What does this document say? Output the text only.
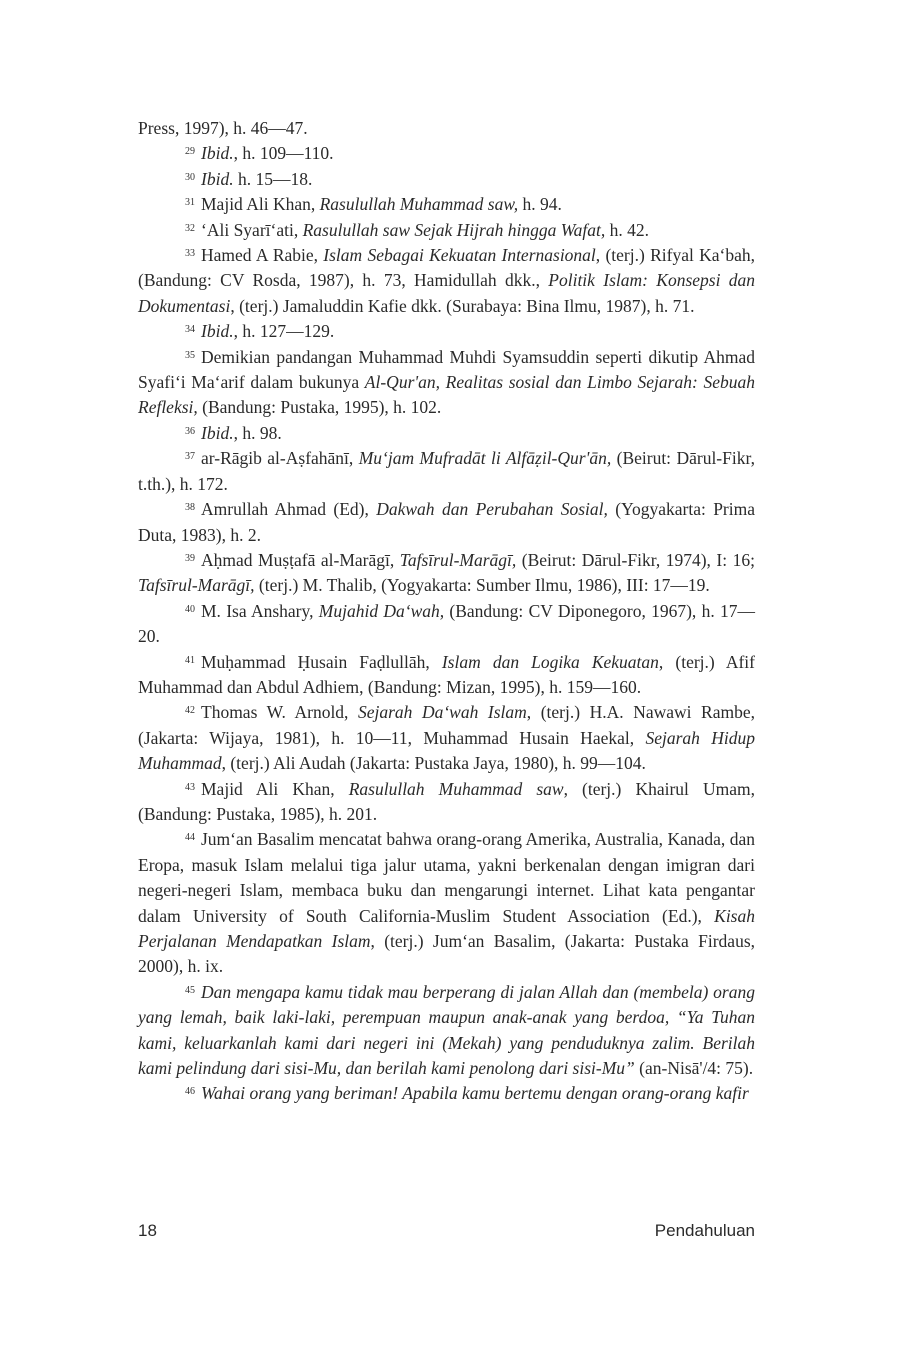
Press, 1997), h. 46—47.

$^{29}$ Ibid., h. 109—110.

$^{30}$ Ibid. h. 15—18.

$^{31}$ Majid Ali Khan, Rasulullah Muhammad saw, h. 94.

$^{32}$ ‘Ali Syarī‘ati, Rasulullah saw Sejak Hijrah hingga Wafat, h. 42.

$^{33}$ Hamed A Rabie, Islam Sebagai Kekuatan Internasional, (terj.) Rifyal Ka‘bah, (Bandung: CV Rosda, 1987), h. 73, Hamidullah dkk., Politik Islam: Konsepsi dan Dokumentasi, (terj.) Jamaluddin Kafie dkk. (Surabaya: Bina Ilmu, 1987), h. 71.

$^{34}$ Ibid., h. 127—129.

$^{35}$ Demikian pandangan Muhammad Muhdi Syamsuddin seperti dikutip Ahmad Syafi‘i Ma‘arif dalam bukunya Al-Qur'an, Realitas sosial dan Limbo Sejarah: Sebuah Refleksi, (Bandung: Pustaka, 1995), h. 102.

$^{36}$ Ibid., h. 98.

$^{37}$ ar-Rāgib al-Aṣfahānī, Mu‘jam Mufradāt li Alfāẓil-Qur'ān, (Beirut: Dārul-Fikr, t.th.), h. 172.

$^{38}$ Amrullah Ahmad (Ed), Dakwah dan Perubahan Sosial, (Yogyakarta: Prima Duta, 1983), h. 2.

$^{39}$ Aḥmad Muṣṭafā al-Marāgī, Tafsīrul-Marāgī, (Beirut: Dārul-Fikr, 1974), I: 16; Tafsīrul-Marāgī, (terj.) M. Thalib, (Yogyakarta: Sumber Ilmu, 1986), III: 17—19.

$^{40}$ M. Isa Anshary, Mujahid Da‘wah, (Bandung: CV Diponegoro, 1967), h. 17—20.

$^{41}$ Muḥammad Ḥusain Faḍlullāh, Islam dan Logika Kekuatan, (terj.) Afif Muhammad dan Abdul Adhiem, (Bandung: Mizan, 1995), h. 159—160.

$^{42}$ Thomas W. Arnold, Sejarah Da‘wah Islam, (terj.) H.A. Nawawi Rambe, (Jakarta: Wijaya, 1981), h. 10—11, Muhammad Husain Haekal, Sejarah Hidup Muhammad, (terj.) Ali Audah (Jakarta: Pustaka Jaya, 1980), h. 99—104.

$^{43}$ Majid Ali Khan, Rasulullah Muhammad saw, (terj.) Khairul Umam, (Bandung: Pustaka, 1985), h. 201.

$^{44}$ Jum‘an Basalim mencatat bahwa orang-orang Amerika, Australia, Kanada, dan Eropa, masuk Islam melalui tiga jalur utama, yakni berkenalan dengan imigran dari negeri-negeri Islam, membaca buku dan mengarungi internet. Lihat kata pengantar dalam University of South California-Muslim Student Association (Ed.), Kisah Perjalanan Mendapatkan Islam, (terj.) Jum‘an Basalim, (Jakarta: Pustaka Firdaus, 2000), h. ix.

$^{45}$ Dan mengapa kamu tidak mau berperang di jalan Allah dan (membela) orang yang lemah, baik laki-laki, perempuan maupun anak-anak yang berdoa, “Ya Tuhan kami, keluarkanlah kami dari negeri ini (Mekah) yang penduduknya zalim. Berilah kami pelindung dari sisi-Mu, dan berilah kami penolong dari sisi-Mu” (an-Nisā'/4: 75).

$^{46}$ Wahai orang yang beriman! Apabila kamu bertemu dengan orang-orang kafir

18	Pendahuluan
